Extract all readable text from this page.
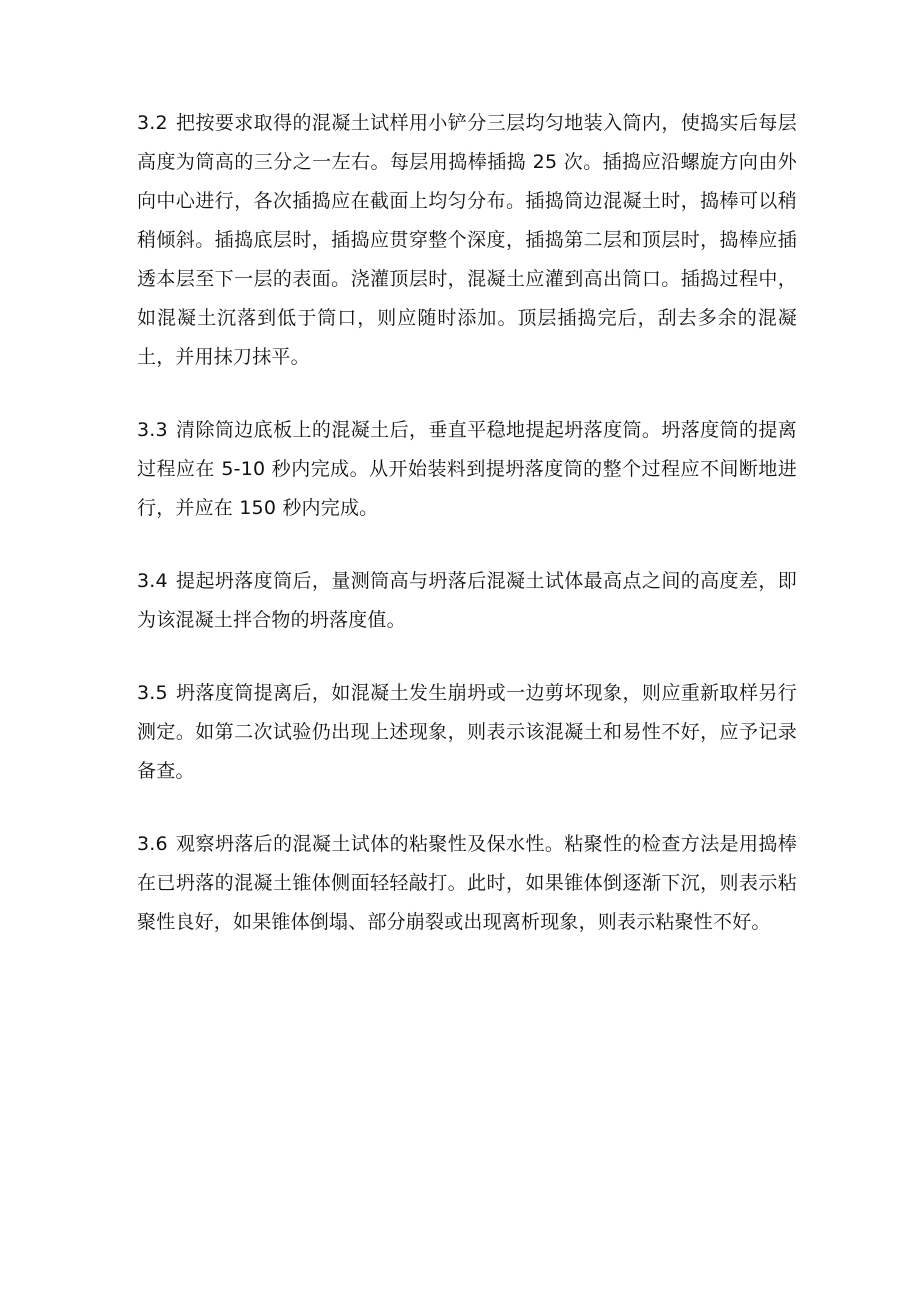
3.2 把按要求取得的混凝土试样用小铲分三层均匀地装入筒内，使捣实后每层高度为筒高的三分之一左右。每层用捣棒插捣 25 次。插捣应沿螺旋方向由外向中心进行，各次插捣应在截面上均匀分布。插捣筒边混凝土时，捣棒可以稍稍倾斜。插捣底层时，插捣应贯穿整个深度，插捣第二层和顶层时，捣棒应插透本层至下一层的表面。浇灌顶层时，混凝土应灌到高出筒口。插捣过程中，如混凝土沉落到低于筒口，则应随时添加。顶层插捣完后，刮去多余的混凝土，并用抹刀抹平。

3.3 清除筒边底板上的混凝土后，垂直平稳地提起坍落度筒。坍落度筒的提离过程应在 5-10 秒内完成。从开始装料到提坍落度筒的整个过程应不间断地进行，并应在 150 秒内完成。

3.4 提起坍落度筒后，量测筒高与坍落后混凝土试体最高点之间的高度差，即为该混凝土拌合物的坍落度值。

3.5 坍落度筒提离后，如混凝土发生崩坍或一边剪坏现象，则应重新取样另行测定。如第二次试验仍出现上述现象，则表示该混凝土和易性不好，应予记录备查。

3.6 观察坍落后的混凝土试体的粘聚性及保水性。粘聚性的检查方法是用捣棒在已坍落的混凝土锥体侧面轻轻敲打。此时，如果锥体倒逐渐下沉，则表示粘聚性良好，如果锥体倒塌、部分崩裂或出现离析现象，则表示粘聚性不好。
